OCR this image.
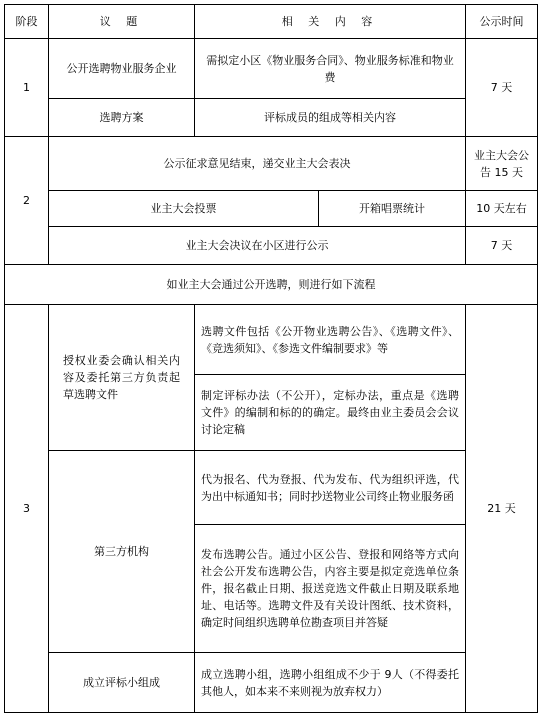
阶段	议 题	相 关 内 容		公示时间
1	公开选聘物业服务企业	需拟定小区《物业服务合同》、物业服务标准和物业费		7 天
	选聘方案	评标成员的组成等相关内容		
2	公示征求意见结束，递交业主大会表决			业主大会公告 15 天
	业主大会投票		开箱唱票统计	10 天左右
	业主大会决议在小区进行公示			7 天
如业主大会通过公开选聘，则进行如下流程				
3	授权业委会确认相关内容及委托第三方负责起草选聘文件	选聘文件包括《公开物业选聘公告》、《选聘文件》、《竞选须知》、《参选文件编制要求》等		21 天
		制定评标办法（不公开），定标办法，重点是《选聘文件》的编制和标的的确定。最终由业主委员会会议讨论定稿		
	第三方机构	代为报名、代为登报、代为发布、代为组织评选，代为出中标通知书；同时抄送物业公司终止物业服务函		
		发布选聘公告。通过小区公告、登报和网络等方式向社会公开发布选聘公告，内容主要是拟定竞选单位条件，报名截止日期、报送竞选文件截止日期及联系地址、电话等。选聘文件及有关设计图纸、技术资料，确定时间组织选聘单位勘查项目并答疑		
	成立评标小组成	成立选聘小组，选聘小组组成不少于 9人（不得委托其他人，如本来不来则视为放弃权力）		
